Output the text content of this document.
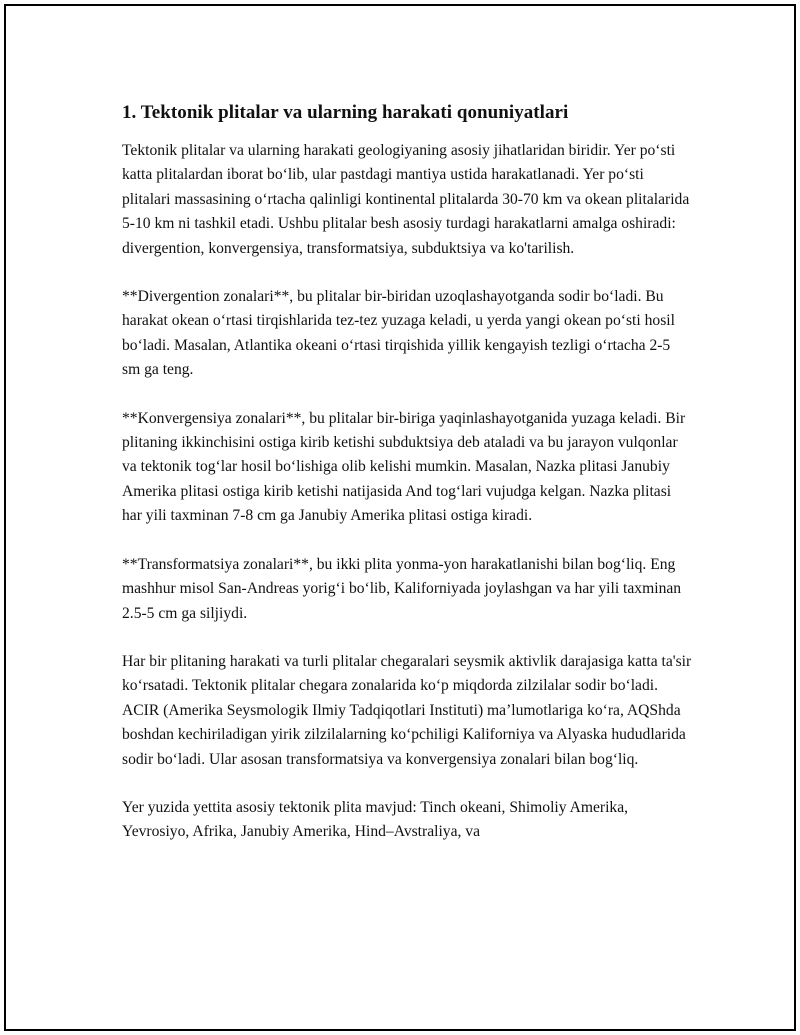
1. Tektonik plitalar va ularning harakati qonuniyatlari

Tektonik plitalar va ularning harakati geologiyaning asosiy jihatlaridan biridir. Yer poʻsti katta plitalardan iborat boʻlib, ular pastdagi mantiya ustida harakatlanadi. Yer poʻsti plitalari massasining oʻrtacha qalinligi kontinental plitalarda 30-70 km va okean plitalarida 5-10 km ni tashkil etadi. Ushbu plitalar besh asosiy turdagi harakatlarni amalga oshiradi: divergention, konvergensiya, transformatsiya, subduktsiya va ko'tarilish.

**Divergention zonalari**, bu plitalar bir-biridan uzoqlashayotganda sodir boʻladi. Bu harakat okean oʻrtasi tirqishlarida tez-tez yuzaga keladi, u yerda yangi okean poʻsti hosil boʻladi. Masalan, Atlantika okeani oʻrtasi tirqishida yillik kengayish tezligi oʻrtacha 2-5 sm ga teng.

**Konvergensiya zonalari**, bu plitalar bir-biriga yaqinlashayotganida yuzaga keladi. Bir plitaning ikkinchisini ostiga kirib ketishi subduktsiya deb ataladi va bu jarayon vulqonlar va tektonik togʻlar hosil boʻlishiga olib kelishi mumkin. Masalan, Nazka plitasi Janubiy Amerika plitasi ostiga kirib ketishi natijasida And togʻlari vujudga kelgan. Nazka plitasi har yili taxminan 7-8 cm ga Janubiy Amerika plitasi ostiga kiradi.

**Transformatsiya zonalari**, bu ikki plita yonma-yon harakatlanishi bilan bogʻliq. Eng mashhur misol San-Andreas yorigʻi boʻlib, Kaliforniyada joylashgan va har yili taxminan 2.5-5 cm ga siljiydi.

Har bir plitaning harakati va turli plitalar chegaralari seysmik aktivlik darajasiga katta ta'sir koʻrsatadi. Tektonik plitalar chegara zonalarida koʻp miqdorda zilzilalar sodir boʻladi. ACIR (Amerika Seysmologik Ilmiy Tadqiqotlari Instituti) maʼlumotlariga koʻra, AQShda boshdan kechiriladigan yirik zilzilalarning koʻpchiligi Kaliforniya va Alyaska hududlarida sodir boʻladi. Ular asosan transformatsiya va konvergensiya zonalari bilan bogʻliq.

Yer yuzida yettita asosiy tektonik plita mavjud: Tinch okeani, Shimoliy Amerika, Yevrosiyo, Afrika, Janubiy Amerika, Hind–Avstraliya, va
